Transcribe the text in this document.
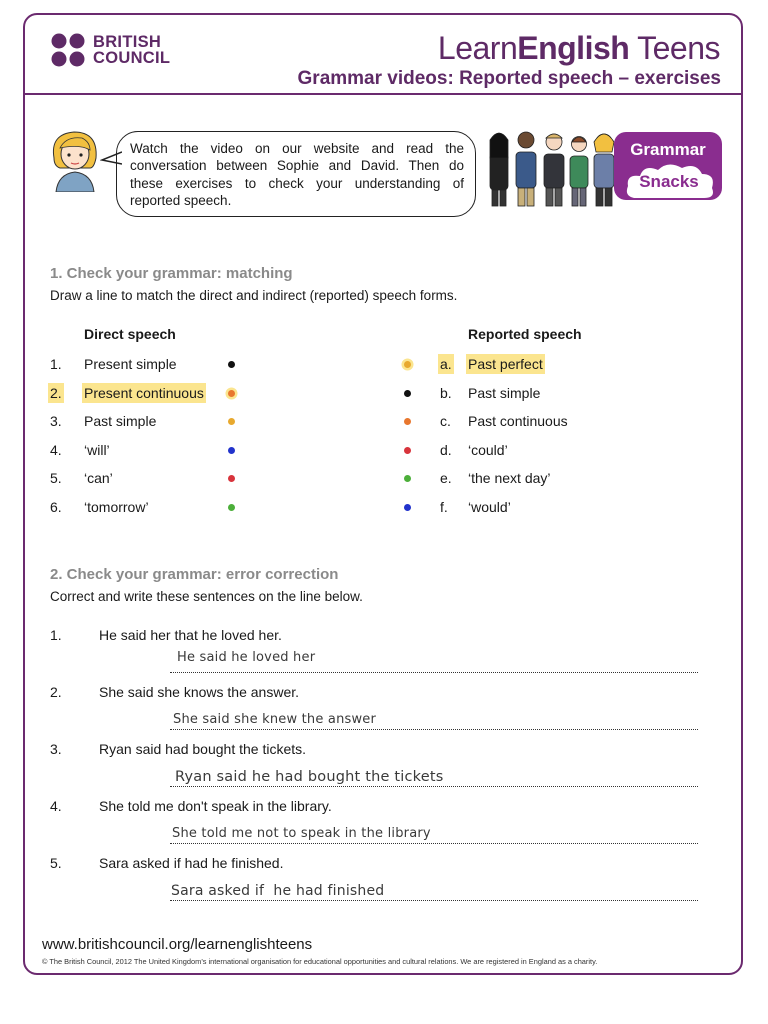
BRITISH
COUNCIL	LearnEnglish Teens
Grammar videos: Reported speech – exercises
Watch the video on our website and read the conversation between Sophie and David. Then do these exercises to check your understanding of reported speech.
Grammar
Snacks
1. Check your grammar: matching
Draw a line to match the direct and indirect (reported) speech forms.
Direct speech	Reported speech
1. Present simple	a. Past perfect
2. Present continuous	b. Past simple
3. Past simple	c. Past continuous
4. ‘will’	d. ‘could’
5. ‘can’	e. ‘the next day’
6. ‘tomorrow’	f. ‘would’
2. Check your grammar: error correction
Correct and write these sentences on the line below.
1.	He said her that he loved her.
He said he loved her
2.	She said she knows the answer.
She said she knew the answer
3.	Ryan said had bought the tickets.
Ryan said he had bought the tickets
4.	She told me don't speak in the library.
She told me not to speak in the library
5.	Sara asked if had he finished.
Sara asked if  he had finished
www.britishcouncil.org/learnenglishteens
© The British Council, 2012 The United Kingdom’s international organisation for educational opportunities and cultural relations. We are registered in England as a charity.
